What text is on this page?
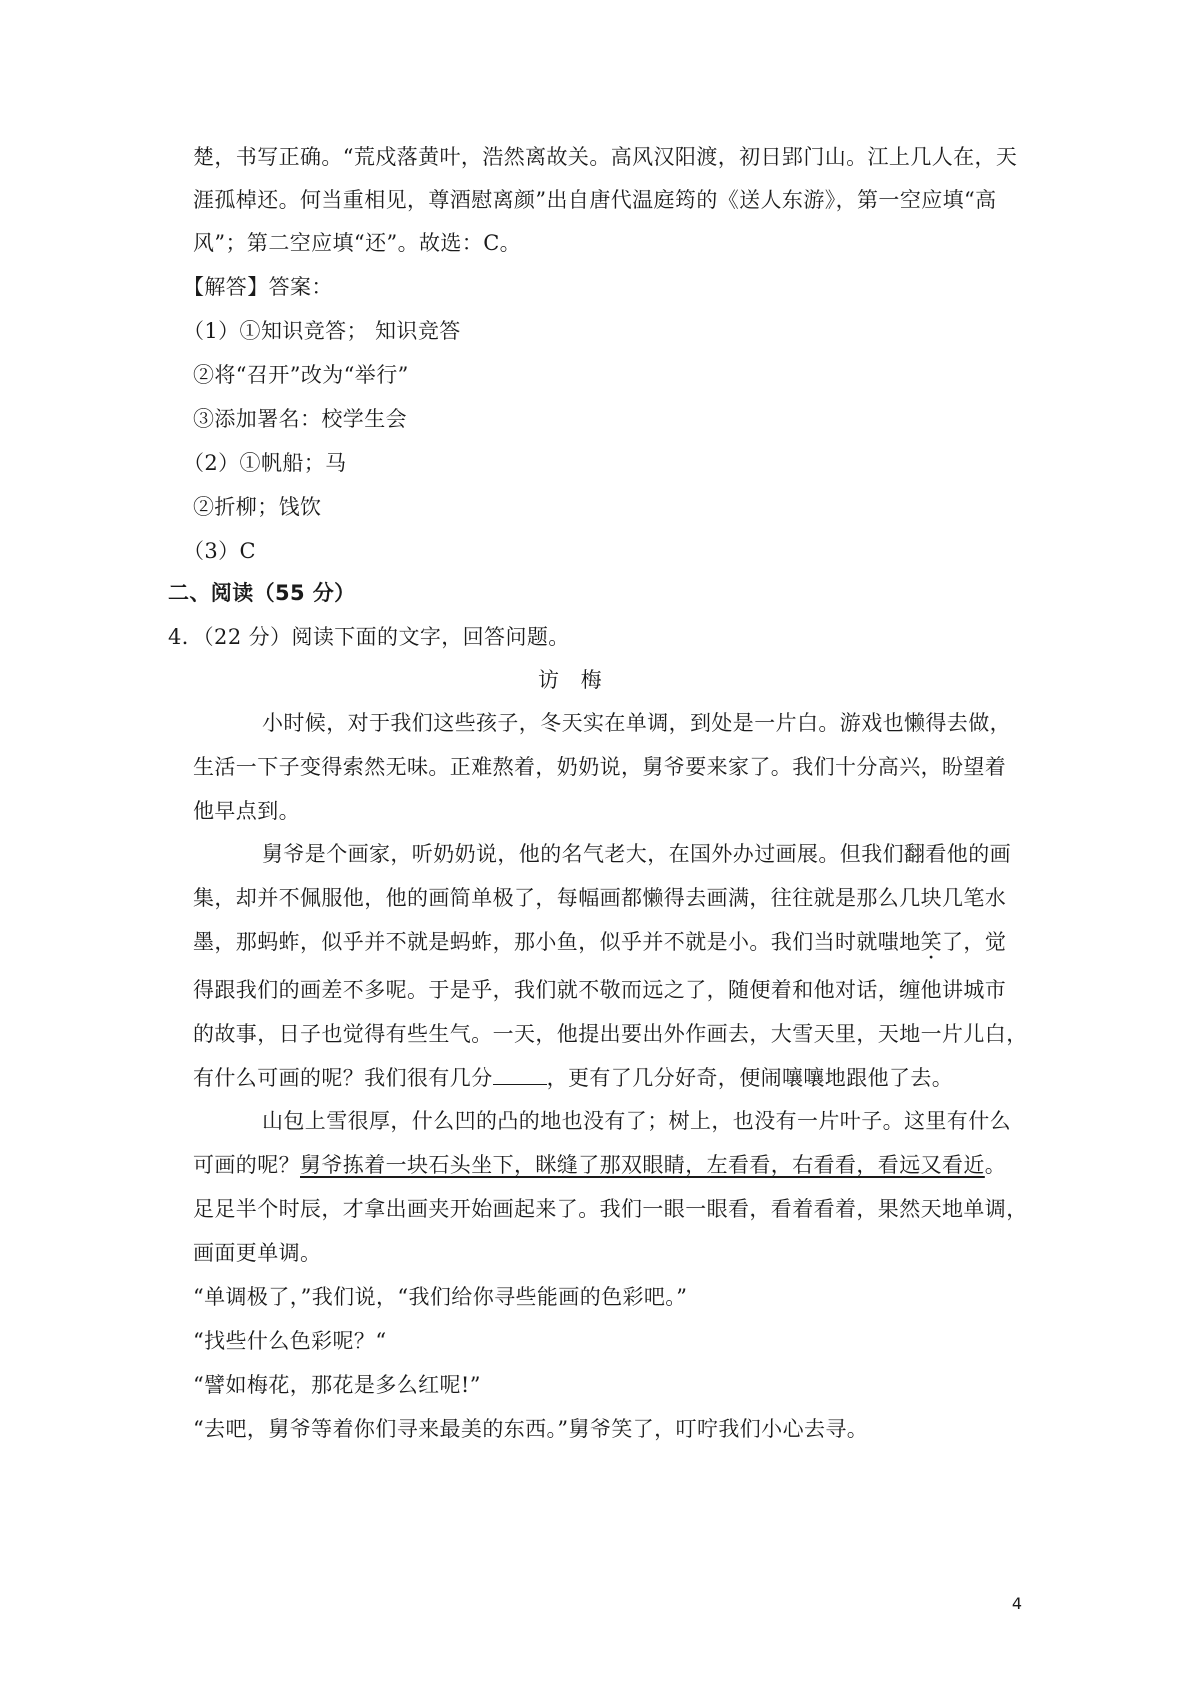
楚，书写正确。“荒戍落黄叶，浩然离故关。高风汉阳渡，初日郢门山。江上几人在，天
涯孤棹还。何当重相见，尊酒慰离颜”出自唐代温庭筠的《送人东游》，第一空应填“高
风”；第二空应填“还”。故选：C。
【解答】答案：
（1）①知识竞答； 知识竞答
②将“召开”改为“举行”
③添加署名：校学生会
（2）①帆船；马
②折柳；饯饮
（3）C
二、阅读（55 分）
4．（22 分）阅读下面的文字，回答问题。
访   梅
小时候，对于我们这些孩子，冬天实在单调，到处是一片白。游戏也懒得去做，
生活一下子变得索然无味。正难熬着，奶奶说，舅爷要来家了。我们十分高兴，盼望着
他早点到。
舅爷是个画家，听奶奶说，他的名气老大，在国外办过画展。但我们翻看他的画
集，却并不佩服他，他的画简单极了，每幅画都懒得去画满，往往就是那么几块几笔水
墨，那蚂蚱，似乎并不就是蚂蚱，那小鱼，似乎并不就是小。我们当时就嗤地笑了，觉
得跟我们的画差不多呢。于是乎，我们就不敬而远之了，随便着和他对话，缠他讲城市
的故事，日子也觉得有些生气。一天，他提出要出外作画去，大雪天里，天地一片儿白，
有什么可画的呢？我们很有几分	，更有了几分好奇，便闹嚷嚷地跟他了去。
山包上雪很厚，什么凹的凸的地也没有了；树上，也没有一片叶子。这里有什么
可画的呢？舅爷拣着一块石头坐下，眯缝了那双眼睛，左看看，右看看，看远又看近。
足足半个时辰，才拿出画夹开始画起来了。我们一眼一眼看，看着看着，果然天地单调，
画面更单调。
“单调极了，”我们说，“我们给你寻些能画的色彩吧。”
“找些什么色彩呢？“
“譬如梅花，那花是多么红呢!”
“去吧，舅爷等着你们寻来最美的东西。”舅爷笑了，叮咛我们小心去寻。
4
